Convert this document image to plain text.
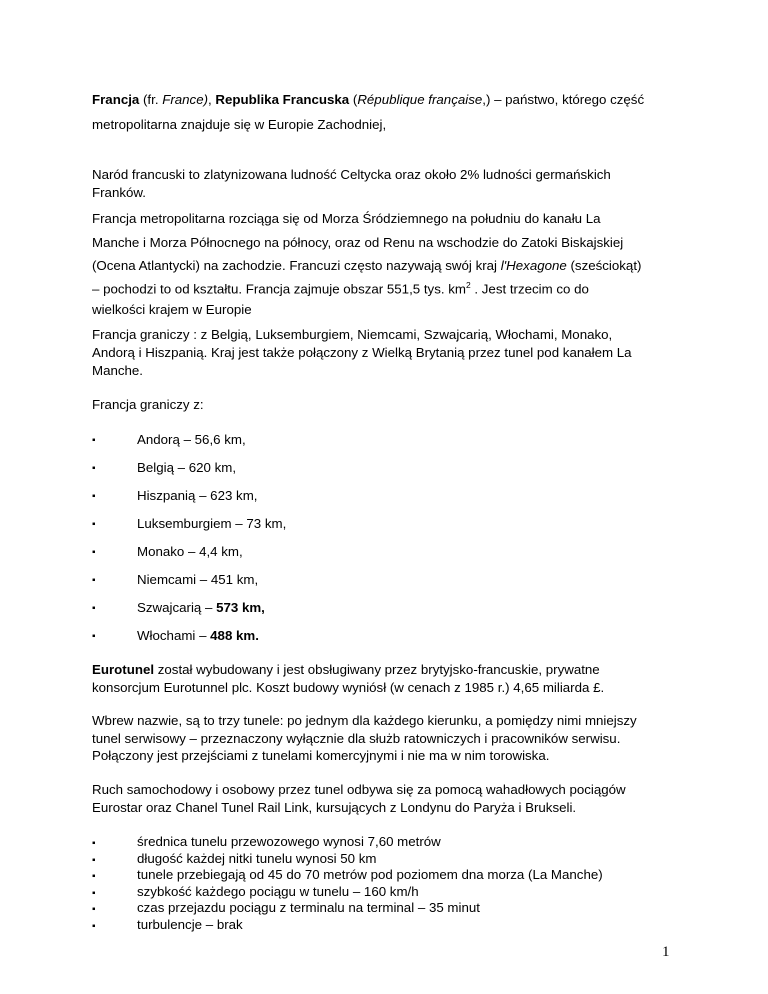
Francja (fr. France), Republika Francuska (République française,) – państwo, którego część
metropolitarna znajduje się w Europie Zachodniej,
Naród francuski to zlatynizowana ludność Celtycka oraz około 2% ludności germańskich
Franków.
Francja metropolitarna rozciąga się od Morza Śródziemnego na południu do kanału La
Manche i Morza Północnego na północy, oraz od Renu na wschodzie do Zatoki Biskajskiej
(Ocena Atlantycki) na zachodzie. Francuzi często nazywają swój kraj l'Hexagone (sześciokąt)
– pochodzi to od kształtu. Francja zajmuje obszar 551,5 tys. $km^2$ . Jest trzecim co do
wielkości krajem w Europie
Francja graniczy : z Belgią, Luksemburgiem, Niemcami, Szwajcarią, Włochami, Monako,
Andorą i Hiszpanią. Kraj jest także połączony z Wielką Brytanią przez tunel pod kanałem La
Manche.
Francja graniczy z:
▪	Andorą – 56,6 km,
▪	Belgią – 620 km,
▪	Hiszpanią – 623 km,
▪	Luksemburgiem – 73 km,
▪	Monako – 4,4 km,
▪	Niemcami – 451 km,
▪	Szwajcarią – 573 km,
▪	Włochami – 488 km.
Eurotunel został wybudowany i jest obsługiwany przez brytyjsko-francuskie, prywatne
konsorcjum Eurotunnel plc. Koszt budowy wyniósł (w cenach z 1985 r.) 4,65 miliarda £.
Wbrew nazwie, są to trzy tunele: po jednym dla każdego kierunku, a pomiędzy nimi mniejszy
tunel serwisowy – przeznaczony wyłącznie dla służb ratowniczych i pracowników serwisu.
Połączony jest przejściami z tunelami komercyjnymi i nie ma w nim torowiska.
Ruch samochodowy i osobowy przez tunel odbywa się za pomocą wahadłowych pociągów
Eurostar oraz Chanel Tunel Rail Link, kursujących z Londynu do Paryża i Brukseli.
▪	średnica tunelu przewozowego wynosi 7,60 metrów
▪	długość każdej nitki tunelu wynosi 50 km
▪	tunele przebiegają od 45 do 70 metrów pod poziomem dna morza (La Manche)
▪	szybkość każdego pociągu w tunelu – 160 km/h
▪	czas przejazdu pociągu z terminalu na terminal – 35 minut
▪	turbulencje – brak
1
